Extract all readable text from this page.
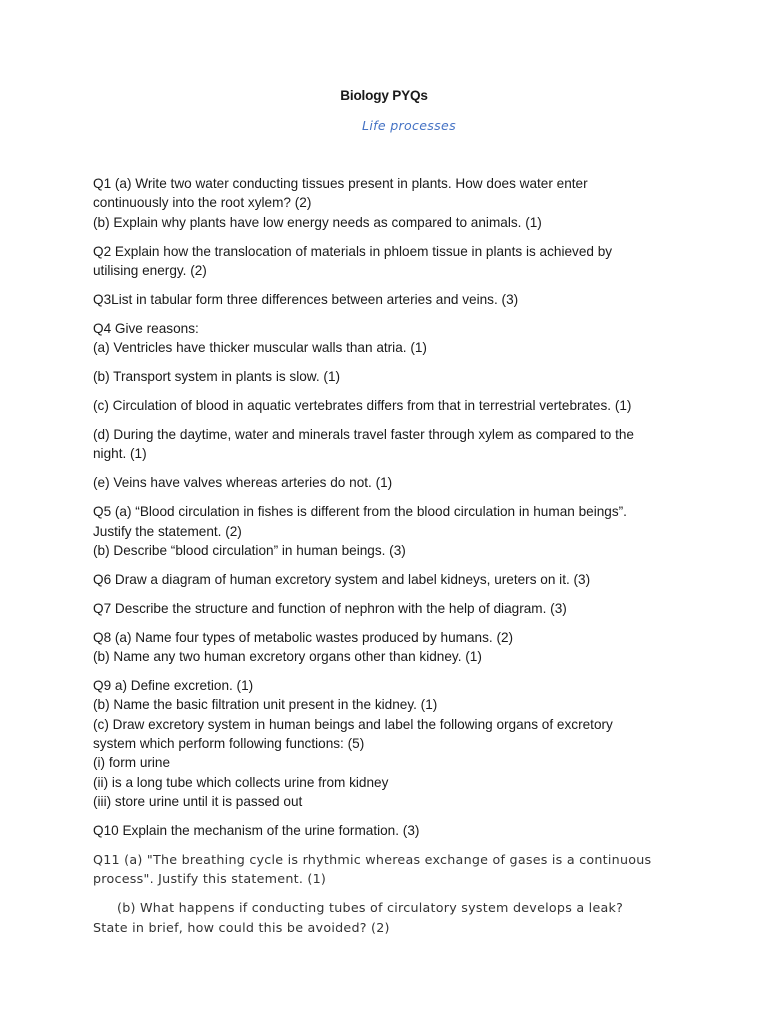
Biology PYQs
Life processes
Q1 (a) Write two water conducting tissues present in plants. How does water enter
continuously into the root xylem? (2)
(b) Explain why plants have low energy needs as compared to animals. (1)
Q2 Explain how the translocation of materials in phloem tissue in plants is achieved by
utilising energy. (2)
Q3List in tabular form three differences between arteries and veins. (3)
Q4 Give reasons:
(a) Ventricles have thicker muscular walls than atria. (1)
(b) Transport system in plants is slow. (1)
(c) Circulation of blood in aquatic vertebrates differs from that in terrestrial vertebrates. (1)
(d) During the daytime, water and minerals travel faster through xylem as compared to the
night. (1)
(e) Veins have valves whereas arteries do not. (1)
Q5 (a) “Blood circulation in fishes is different from the blood circulation in human beings”.
Justify the statement. (2)
(b) Describe “blood circulation” in human beings. (3)
Q6 Draw a diagram of human excretory system and label kidneys, ureters on it. (3)
Q7 Describe the structure and function of nephron with the help of diagram. (3)
Q8 (a) Name four types of metabolic wastes produced by humans. (2)
(b) Name any two human excretory organs other than kidney. (1)
Q9 a) Define excretion. (1)
(b) Name the basic filtration unit present in the kidney. (1)
(c) Draw excretory system in human beings and label the following organs of excretory
system which perform following functions: (5)
(i) form urine
(ii) is a long tube which collects urine from kidney
(iii) store urine until it is passed out
Q10 Explain the mechanism of the urine formation. (3)
Q11 (a) "The breathing cycle is rhythmic whereas exchange of gases is a continuous
process". Justify this statement. (1)
(b) What happens if conducting tubes of circulatory system develops a leak?
State in brief, how could this be avoided? (2)
